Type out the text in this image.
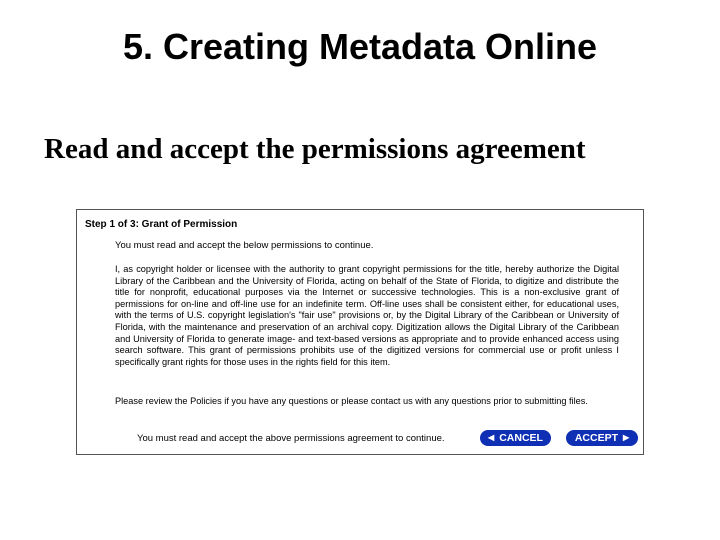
5. Creating Metadata Online
Read and accept the permissions agreement
Step 1 of 3: Grant of Permission
You must read and accept the below permissions to continue.
I, as copyright holder or licensee with the authority to grant copyright permissions for the title, hereby authorize the Digital Library of the Caribbean and the University of Florida, acting on behalf of the State of Florida, to digitize and distribute the title for nonprofit, educational purposes via the Internet or successive technologies. This is a non-exclusive grant of permissions for on-line and off-line use for an indefinite term. Off-line uses shall be consistent either, for educational uses, with the terms of U.S. copyright legislation's "fair use" provisions or, by the Digital Library of the Caribbean or University of Florida, with the maintenance and preservation of an archival copy. Digitization allows the Digital Library of the Caribbean and University of Florida to generate image- and text-based versions as appropriate and to provide enhanced access using search software. This grant of permissions prohibits use of the digitized versions for commercial use or profit unless I specifically grant rights for those uses in the rights field for this item.
Please review the Policies if you have any questions or please contact us with any questions prior to submitting files.
You must read and accept the above permissions agreement to continue.	◀ CANCEL	ACCEPT ▶
